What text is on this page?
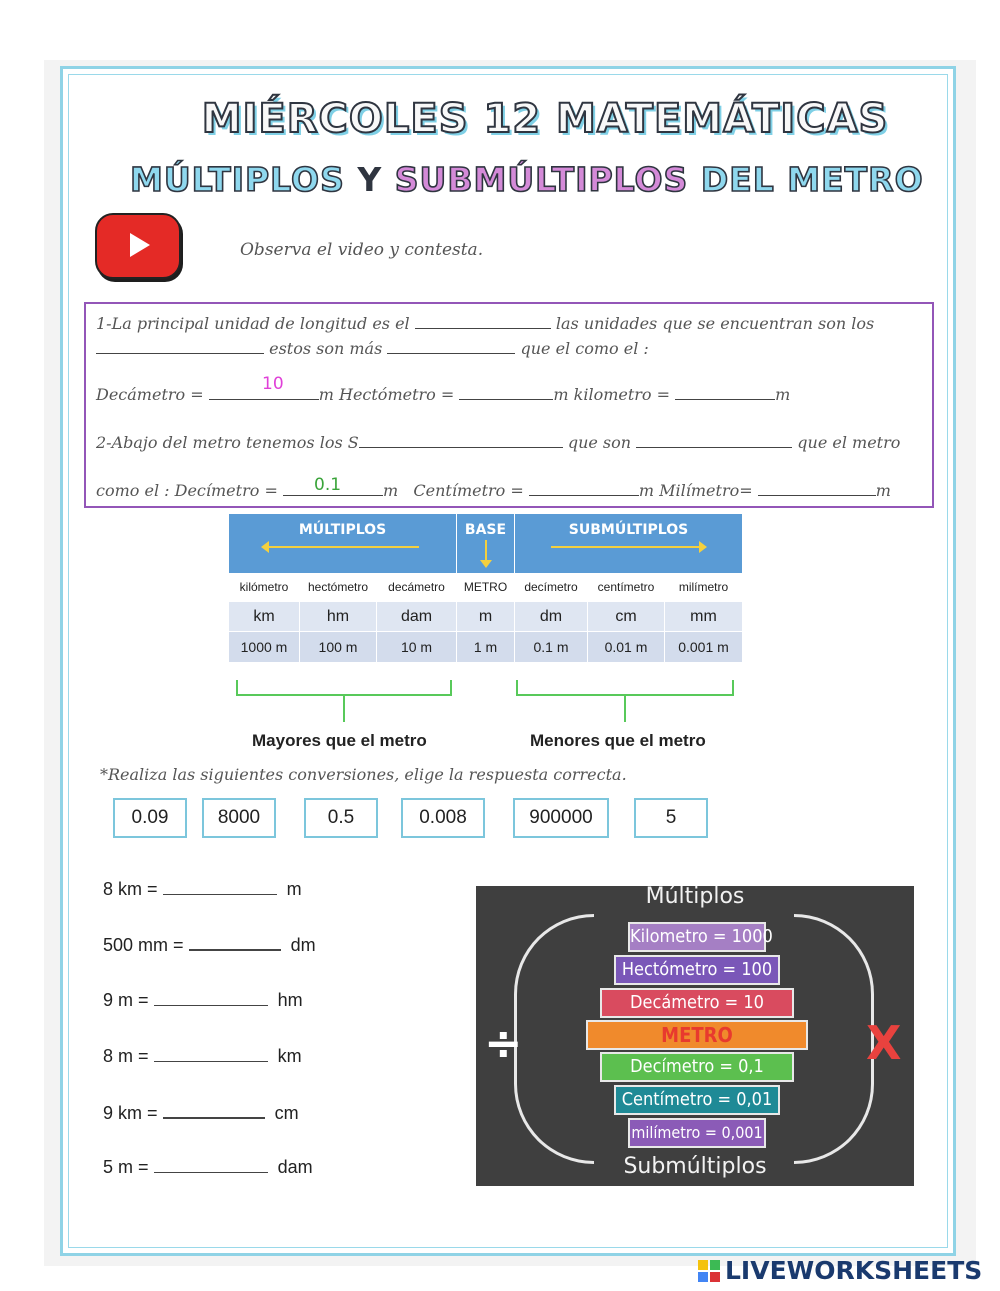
MIÉRCOLES 12 MATEMÁTICAS
MÚLTIPLOS Y SUBMÚLTIPLOS DEL METRO
Observa el video y contesta.
1-La principal unidad de longitud es el	las unidades que se encuentran son los
estos son más	que el como el :
Decámetro =	m Hectómetro =	m kilometro =	m
10
2-Abajo del metro tenemos los S	que son	que el metro
como el : Decímetro =	m Centímetro =	m Milímetro=	m
0.1
MÚLTIPLOS	BASE	SUBMÚLTIPLOS
kilómetro	hectómetro	decámetro	METRO	decímetro	centímetro	milímetro
km	hm	dam	m	dm	cm	mm
1000 m	100 m	10 m	1 m	0.1 m	0.01 m	0.001 m
Mayores que el metro	Menores que el metro
*Realiza las siguientes conversiones, elige la respuesta correcta.
0.09	8000	0.5	0.008	900000	5
8 km =	m
500 mm =	dm
9 m =	hm
8 m =	km
9 km =	cm
5 m =	dam
Múltiplos
Submúltiplos
÷	X
Kilometro = 1000
Hectómetro = 100
Decámetro = 10
METRO
Decímetro = 0,1
Centímetro = 0,01
milímetro = 0,001
LIVEWORKSHEETS
